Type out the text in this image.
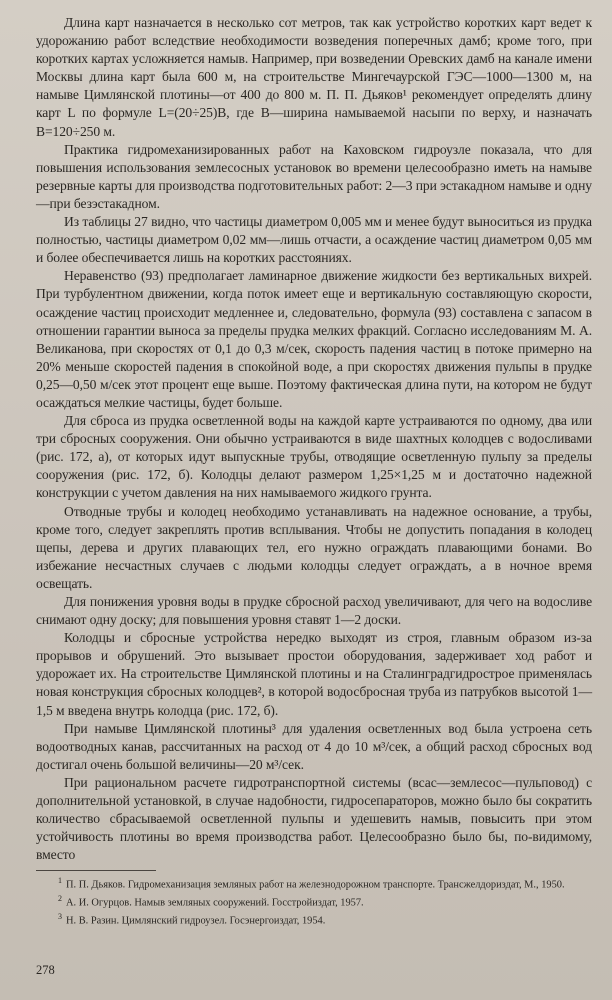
Длина карт назначается в несколько сот метров, так как устройство коротких карт ведет к удорожанию работ вследствие необходимости возведения поперечных дамб; кроме того, при коротких картах усложняется намыв. Например, при возведении Оревских дамб на канале имени Москвы длина карт была 600 м, на строительстве Мингечаурской ГЭС—1000—1300 м, на намыве Цимлянской плотины—от 400 до 800 м. П. П. Дьяков¹ рекомендует определять длину карт L по формуле L=(20÷25)B, где B—ширина намываемой насыпи по верху, и назначать B=120÷250 м.

Практика гидромеханизированных работ на Каховском гидроузле показала, что для повышения использования землесосных установок во времени целесообразно иметь на намыве резервные карты для производства подготовительных работ: 2—3 при эстакадном намыве и одну—при безэстакадном.

Из таблицы 27 видно, что частицы диаметром 0,005 мм и менее будут выноситься из прудка полностью, частицы диаметром 0,02 мм—лишь отчасти, а осаждение частиц диаметром 0,05 мм и более обеспечивается лишь на коротких расстояниях.

Неравенство (93) предполагает ламинарное движение жидкости без вертикальных вихрей. При турбулентном движении, когда поток имеет еще и вертикальную составляющую скорости, осаждение частиц происходит медленнее и, следовательно, формула (93) составлена с запасом в отношении гарантии выноса за пределы прудка мелких фракций. Согласно исследованиям М. А. Великанова, при скоростях от 0,1 до 0,3 м/сек, скорость падения частиц в потоке примерно на 20% меньше скоростей падения в спокойной воде, а при скоростях движения пульпы в прудке 0,25—0,50 м/сек этот процент еще выше. Поэтому фактическая длина пути, на котором не будут осаждаться мелкие частицы, будет больше.

Для сброса из прудка осветленной воды на каждой карте устраиваются по одному, два или три сбросных сооружения. Они обычно устраиваются в виде шахтных колодцев с водосливами (рис. 172, а), от которых идут выпускные трубы, отводящие осветленную пульпу за пределы сооружения (рис. 172, б). Колодцы делают размером 1,25×1,25 м и достаточно надежной конструкции с учетом давления на них намываемого жидкого грунта.

Отводные трубы и колодец необходимо устанавливать на надежное основание, а трубы, кроме того, следует закреплять против всплывания. Чтобы не допустить попадания в колодец щепы, дерева и других плавающих тел, его нужно ограждать плавающими бонами. Во избежание несчастных случаев с людьми колодцы следует ограждать, а в ночное время освещать.

Для понижения уровня воды в прудке сбросной расход увеличивают, для чего на водосливе снимают одну доску; для повышения уровня ставят 1—2 доски.

Колодцы и сбросные устройства нередко выходят из строя, главным образом из-за прорывов и обрушений. Это вызывает простои оборудования, задерживает ход работ и удорожает их. На строительстве Цимлянской плотины и на Сталинградгидрострое применялась новая конструкция сбросных колодцев², в которой водосбросная труба из патрубков высотой 1—1,5 м введена внутрь колодца (рис. 172, б).

При намыве Цимлянской плотины³ для удаления осветленных вод была устроена сеть водоотводных канав, рассчитанных на расход от 4 до 10 м³/сек, а общий расход сбросных вод достигал очень большой величины—20 м³/сек.

При рациональном расчете гидротранспортной системы (всас—землесос—пульповод) с дополнительной установкой, в случае надобности, гидросепараторов, можно было бы сократить количество сбрасываемой осветленной пульпы и удешевить намыв, повысить при этом устойчивость плотины во время производства работ. Целесообразно было бы, по-видимому, вместо

$^1$ П. П. Дьяков. Гидромеханизация земляных работ на железнодорожном транспорте. Трансжелдориздат, М., 1950.

$^2$ А. И. Огурцов. Намыв земляных сооружений. Госстройиздат, 1957.

$^3$ Н. В. Разин. Цимлянский гидроузел. Госэнергоиздат, 1954.

278
